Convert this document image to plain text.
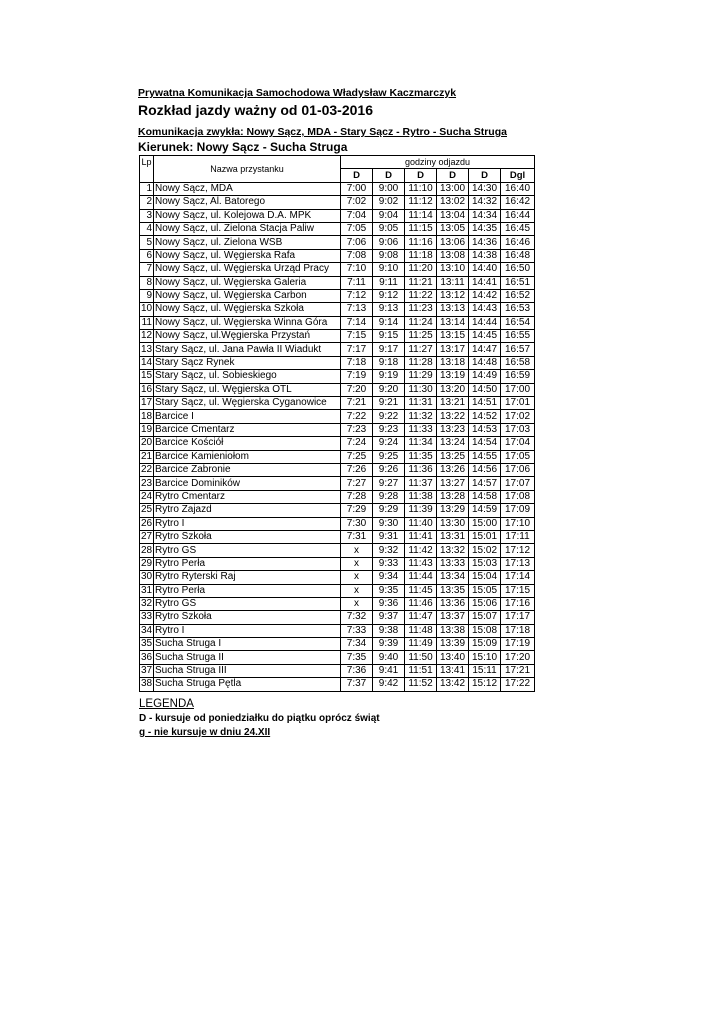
Prywatna Komunikacja Samochodowa Władysław Kaczmarczyk
Rozkład jazdy ważny od 01-03-2016
Komunikacja zwykła: Nowy Sącz, MDA - Stary Sącz - Rytro - Sucha Struga
Kierunek: Nowy Sącz - Sucha Struga
Lp	Nazwa przystanku	godziny odjazdu					
		D	D	D	D	D	Dgl
1	Nowy Sącz, MDA	7:00	9:00	11:10	13:00	14:30	16:40
2	Nowy Sącz, Al. Batorego	7:02	9:02	11:12	13:02	14:32	16:42
3	Nowy Sącz, ul. Kolejowa D.A. MPK	7:04	9:04	11:14	13:04	14:34	16:44
4	Nowy Sącz, ul. Zielona Stacja Paliw	7:05	9:05	11:15	13:05	14:35	16:45
5	Nowy Sącz, ul. Zielona WSB	7:06	9:06	11:16	13:06	14:36	16:46
6	Nowy Sącz, ul. Węgierska Rafa	7:08	9:08	11:18	13:08	14:38	16:48
7	Nowy Sącz, ul. Węgierska Urząd Pracy	7:10	9:10	11:20	13:10	14:40	16:50
8	Nowy Sącz, ul. Węgierska Galeria	7:11	9:11	11:21	13:11	14:41	16:51
9	Nowy Sącz, ul. Węgierska Carbon	7:12	9:12	11:22	13:12	14:42	16:52
10	Nowy Sącz, ul. Węgierska Szkoła	7:13	9:13	11:23	13:13	14:43	16:53
11	Nowy Sącz, ul. Węgierska Winna Góra	7:14	9:14	11:24	13:14	14:44	16:54
12	Nowy Sącz, ul.Węgierska Przystań	7:15	9:15	11:25	13:15	14:45	16:55
13	Stary Sącz, ul. Jana Pawła II Wiadukt	7:17	9:17	11:27	13:17	14:47	16:57
14	Stary Sącz Rynek	7:18	9:18	11:28	13:18	14:48	16:58
15	Stary Sącz, ul. Sobieskiego	7:19	9:19	11:29	13:19	14:49	16:59
16	Stary Sącz, ul. Węgierska OTL	7:20	9:20	11:30	13:20	14:50	17:00
17	Stary Sącz, ul. Węgierska Cyganowice	7:21	9:21	11:31	13:21	14:51	17:01
18	Barcice I	7:22	9:22	11:32	13:22	14:52	17:02
19	Barcice Cmentarz	7:23	9:23	11:33	13:23	14:53	17:03
20	Barcice Kościół	7:24	9:24	11:34	13:24	14:54	17:04
21	Barcice Kamieniołom	7:25	9:25	11:35	13:25	14:55	17:05
22	Barcice Zabronie	7:26	9:26	11:36	13:26	14:56	17:06
23	Barcice Dominików	7:27	9:27	11:37	13:27	14:57	17:07
24	Rytro Cmentarz	7:28	9:28	11:38	13:28	14:58	17:08
25	Rytro Zajazd	7:29	9:29	11:39	13:29	14:59	17:09
26	Rytro I	7:30	9:30	11:40	13:30	15:00	17:10
27	Rytro Szkoła	7:31	9:31	11:41	13:31	15:01	17:11
28	Rytro GS	x	9:32	11:42	13:32	15:02	17:12
29	Rytro Perła	x	9:33	11:43	13:33	15:03	17:13
30	Rytro Ryterski Raj	x	9:34	11:44	13:34	15:04	17:14
31	Rytro Perła	x	9:35	11:45	13:35	15:05	17:15
32	Rytro GS	x	9:36	11:46	13:36	15:06	17:16
33	Rytro Szkoła	7:32	9:37	11:47	13:37	15:07	17:17
34	Rytro I	7:33	9:38	11:48	13:38	15:08	17:18
35	Sucha Struga I	7:34	9:39	11:49	13:39	15:09	17:19
36	Sucha Struga II	7:35	9:40	11:50	13:40	15:10	17:20
37	Sucha Struga III	7:36	9:41	11:51	13:41	15:11	17:21
38	Sucha Struga Pętla	7:37	9:42	11:52	13:42	15:12	17:22
LEGENDA
D - kursuje od poniedziałku do piątku oprócz świąt
g - nie kursuje w dniu 24.XII
